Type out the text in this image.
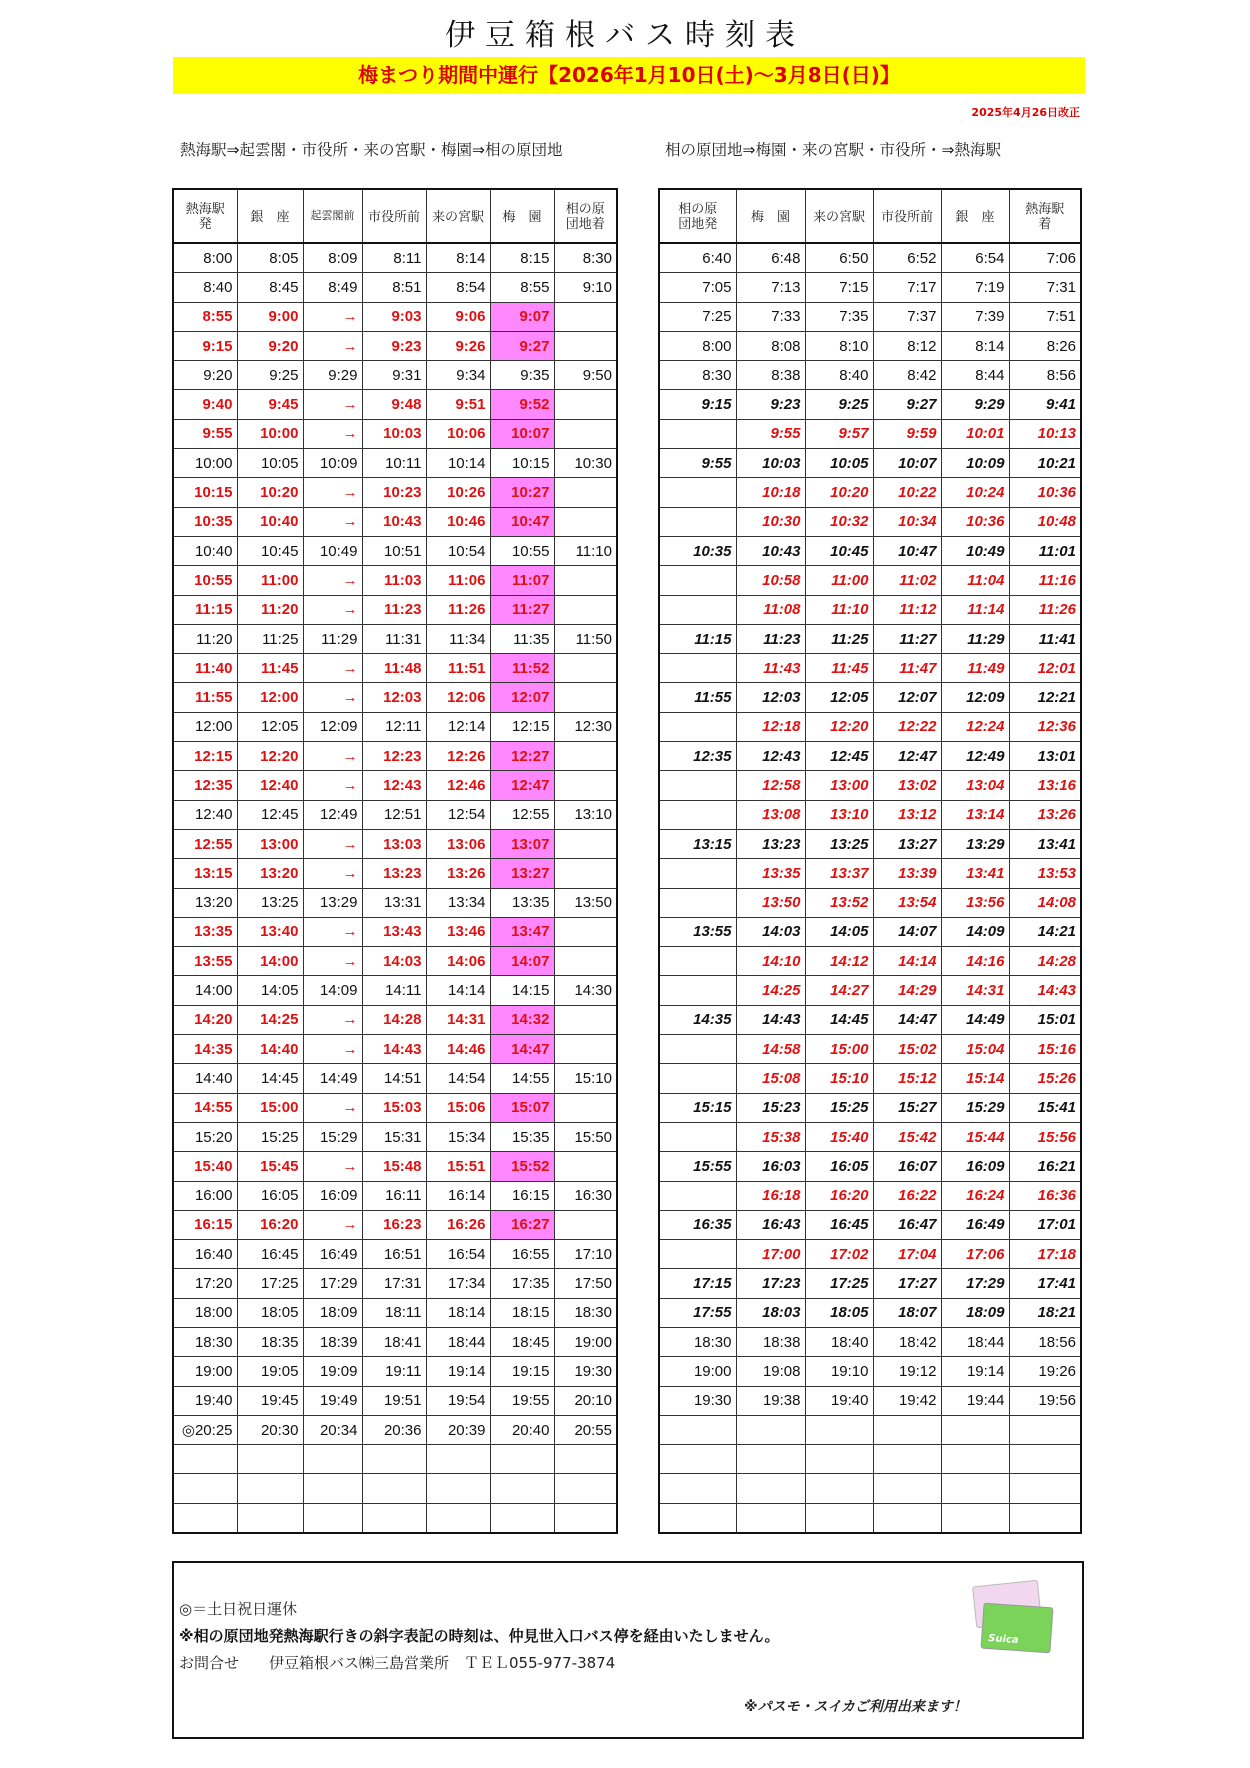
伊豆箱根バス時刻表
梅まつり期間中運行【2026年1月10日(土)～3月8日(日)】
2025年4月26日改正
熱海駅⇒起雲閣・市役所・来の宮駅・梅園⇒相の原団地	相の原団地⇒梅園・来の宮駅・市役所・⇒熱海駅
熱海駅
発	銀　座	起雲閣前	市役所前	来の宮駅	梅　園	相の原
団地着
8:00	8:05	8:09	8:11	8:14	8:15	8:30
8:40	8:45	8:49	8:51	8:54	8:55	9:10
8:55	9:00	→	9:03	9:06	9:07	
9:15	9:20	→	9:23	9:26	9:27	
9:20	9:25	9:29	9:31	9:34	9:35	9:50
9:40	9:45	→	9:48	9:51	9:52	
9:55	10:00	→	10:03	10:06	10:07	
10:00	10:05	10:09	10:11	10:14	10:15	10:30
10:15	10:20	→	10:23	10:26	10:27	
10:35	10:40	→	10:43	10:46	10:47	
10:40	10:45	10:49	10:51	10:54	10:55	11:10
10:55	11:00	→	11:03	11:06	11:07	
11:15	11:20	→	11:23	11:26	11:27	
11:20	11:25	11:29	11:31	11:34	11:35	11:50
11:40	11:45	→	11:48	11:51	11:52	
11:55	12:00	→	12:03	12:06	12:07	
12:00	12:05	12:09	12:11	12:14	12:15	12:30
12:15	12:20	→	12:23	12:26	12:27	
12:35	12:40	→	12:43	12:46	12:47	
12:40	12:45	12:49	12:51	12:54	12:55	13:10
12:55	13:00	→	13:03	13:06	13:07	
13:15	13:20	→	13:23	13:26	13:27	
13:20	13:25	13:29	13:31	13:34	13:35	13:50
13:35	13:40	→	13:43	13:46	13:47	
13:55	14:00	→	14:03	14:06	14:07	
14:00	14:05	14:09	14:11	14:14	14:15	14:30
14:20	14:25	→	14:28	14:31	14:32	
14:35	14:40	→	14:43	14:46	14:47	
14:40	14:45	14:49	14:51	14:54	14:55	15:10
14:55	15:00	→	15:03	15:06	15:07	
15:20	15:25	15:29	15:31	15:34	15:35	15:50
15:40	15:45	→	15:48	15:51	15:52	
16:00	16:05	16:09	16:11	16:14	16:15	16:30
16:15	16:20	→	16:23	16:26	16:27	
16:40	16:45	16:49	16:51	16:54	16:55	17:10
17:20	17:25	17:29	17:31	17:34	17:35	17:50
18:00	18:05	18:09	18:11	18:14	18:15	18:30
18:30	18:35	18:39	18:41	18:44	18:45	19:00
19:00	19:05	19:09	19:11	19:14	19:15	19:30
19:40	19:45	19:49	19:51	19:54	19:55	20:10
◎20:25	20:30	20:34	20:36	20:39	20:40	20:55

相の原
団地発	梅　園	来の宮駅	市役所前	銀　座	熱海駅
着
6:40	6:48	6:50	6:52	6:54	7:06
7:05	7:13	7:15	7:17	7:19	7:31
7:25	7:33	7:35	7:37	7:39	7:51
8:00	8:08	8:10	8:12	8:14	8:26
8:30	8:38	8:40	8:42	8:44	8:56
9:15	9:23	9:25	9:27	9:29	9:41
	9:55	9:57	9:59	10:01	10:13
9:55	10:03	10:05	10:07	10:09	10:21
	10:18	10:20	10:22	10:24	10:36
	10:30	10:32	10:34	10:36	10:48
10:35	10:43	10:45	10:47	10:49	11:01
	10:58	11:00	11:02	11:04	11:16
	11:08	11:10	11:12	11:14	11:26
11:15	11:23	11:25	11:27	11:29	11:41
	11:43	11:45	11:47	11:49	12:01
11:55	12:03	12:05	12:07	12:09	12:21
	12:18	12:20	12:22	12:24	12:36
12:35	12:43	12:45	12:47	12:49	13:01
	12:58	13:00	13:02	13:04	13:16
	13:08	13:10	13:12	13:14	13:26
13:15	13:23	13:25	13:27	13:29	13:41
	13:35	13:37	13:39	13:41	13:53
	13:50	13:52	13:54	13:56	14:08
13:55	14:03	14:05	14:07	14:09	14:21
	14:10	14:12	14:14	14:16	14:28
	14:25	14:27	14:29	14:31	14:43
14:35	14:43	14:45	14:47	14:49	15:01
	14:58	15:00	15:02	15:04	15:16
	15:08	15:10	15:12	15:14	15:26
15:15	15:23	15:25	15:27	15:29	15:41
	15:38	15:40	15:42	15:44	15:56
15:55	16:03	16:05	16:07	16:09	16:21
	16:18	16:20	16:22	16:24	16:36
16:35	16:43	16:45	16:47	16:49	17:01
	17:00	17:02	17:04	17:06	17:18
17:15	17:23	17:25	17:27	17:29	17:41
17:55	18:03	18:05	18:07	18:09	18:21
18:30	18:38	18:40	18:42	18:44	18:56
19:00	19:08	19:10	19:12	19:14	19:26
19:30	19:38	19:40	19:42	19:44	19:56

◎＝土日祝日運休
※相の原団地発熱海駅行きの斜字表記の時刻は、仲見世入口バス停を経由いたしません。
お問合せ　　伊豆箱根バス㈱三島営業所　ＴＥＬ055-977-3874
※パスモ・スイカご利用出来ます！
Suica
